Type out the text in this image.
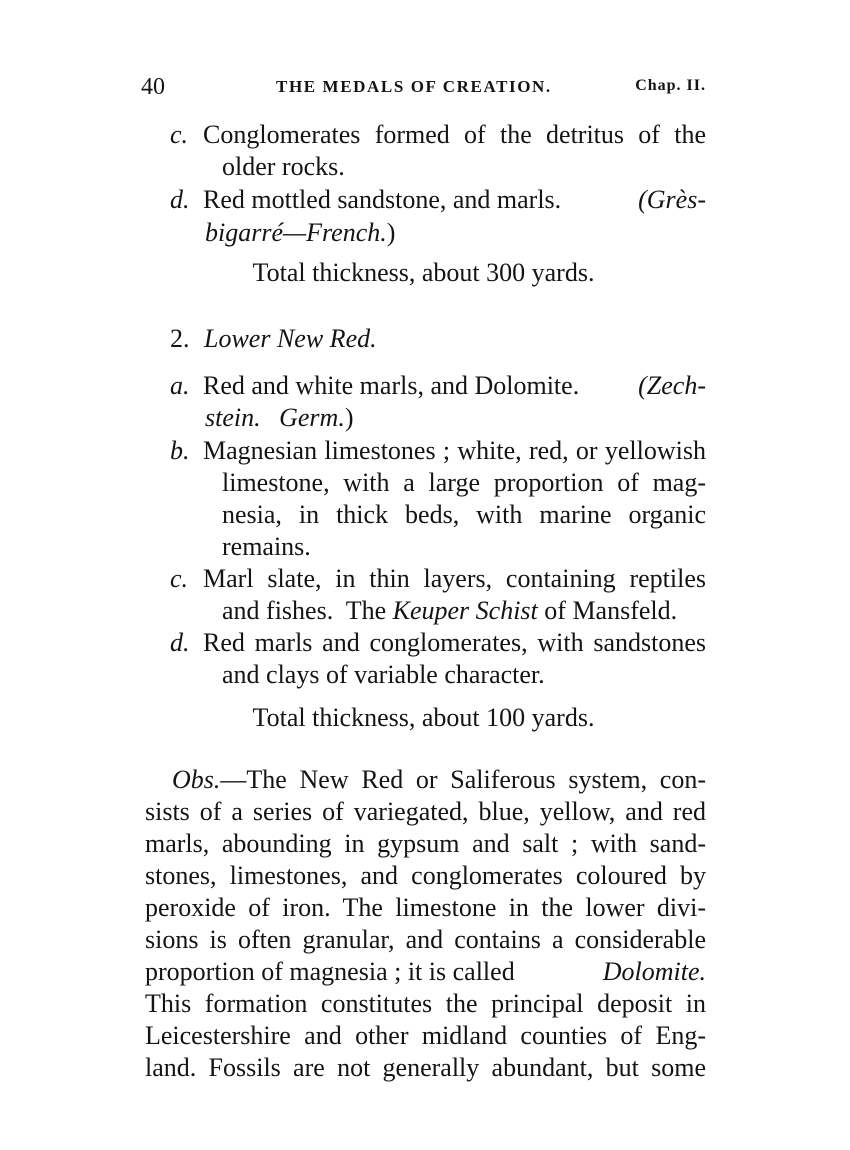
40	THE MEDALS OF CREATION.	Chap. II.
c. Conglomerates formed of the detritus of the
older rocks.
d. Red mottled sandstone, and marls.	(Grès-
bigarré—French.)
Total thickness, about 300 yards.
2. Lower New Red.
a. Red and white marls, and Dolomite. (Zech-
stein. Germ.)
b. Magnesian limestones ; white, red, or yellowish
limestone, with a large proportion of mag-
nesia, in thick beds, with marine organic
remains.
c. Marl slate, in thin layers, containing reptiles
and fishes. The Keuper Schist of Mansfeld.
d. Red marls and conglomerates, with sandstones
and clays of variable character.
Total thickness, about 100 yards.
Obs.—The New Red or Saliferous system, con-
sists of a series of variegated, blue, yellow, and red
marls, abounding in gypsum and salt ; with sand-
stones, limestones, and conglomerates coloured by
peroxide of iron. The limestone in the lower divi-
sions is often granular, and contains a considerable
proportion of magnesia ; it is called	Dolomite.
This formation constitutes the principal deposit in
Leicestershire and other midland counties of Eng-
land. Fossils are not generally abundant, but some
